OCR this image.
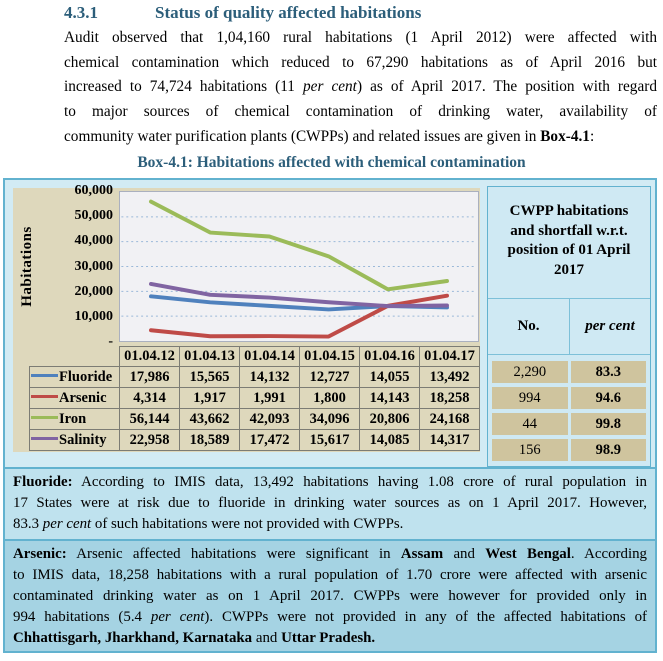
4.3.1	Status of quality affected habitations
Audit observed that 1,04,160 rural habitations (1 April 2012) were affected with
chemical contamination which reduced to 67,290 habitations as of April 2016 but
increased to 74,724 habitations (11 per cent) as of April 2017. The position with regard
to major sources of chemical contamination of drinking water, availability of
community water purification plants (CWPPs) and related issues are given in Box-4.1:
Box-4.1: Habitations affected with chemical contamination
Habitations
60,000
50,000
40,000
30,000
20,000
10,000
-
	01.04.12	01.04.13	01.04.14	01.04.15	01.04.16	01.04.17
Fluoride	17,986	15,565	14,132	12,727	14,055	13,492
Arsenic	4,314	1,917	1,991	1,800	14,143	18,258
Iron	56,144	43,662	42,093	34,096	20,806	24,168
Salinity	22,958	18,589	17,472	15,617	14,085	14,317
CWPP habitations and shortfall w.r.t. position of 01 April 2017
No.	per cent
2,290	83.3
994	94.6
44	99.8
156	98.9
Fluoride: According to IMIS data, 13,492 habitations having 1.08 crore of rural population in
17 States were at risk due to fluoride in drinking water sources as on 1 April 2017. However,
83.3 per cent of such habitations were not provided with CWPPs.
Arsenic: Arsenic affected habitations were significant in Assam and West Bengal. According
to IMIS data, 18,258 habitations with a rural population of 1.70 crore were affected with arsenic
contaminated drinking water as on 1 April 2017. CWPPs were however for provided only in
994 habitations (5.4 per cent). CWPPs were not provided in any of the affected habitations of
Chhattisgarh, Jharkhand, Karnataka and Uttar Pradesh.
